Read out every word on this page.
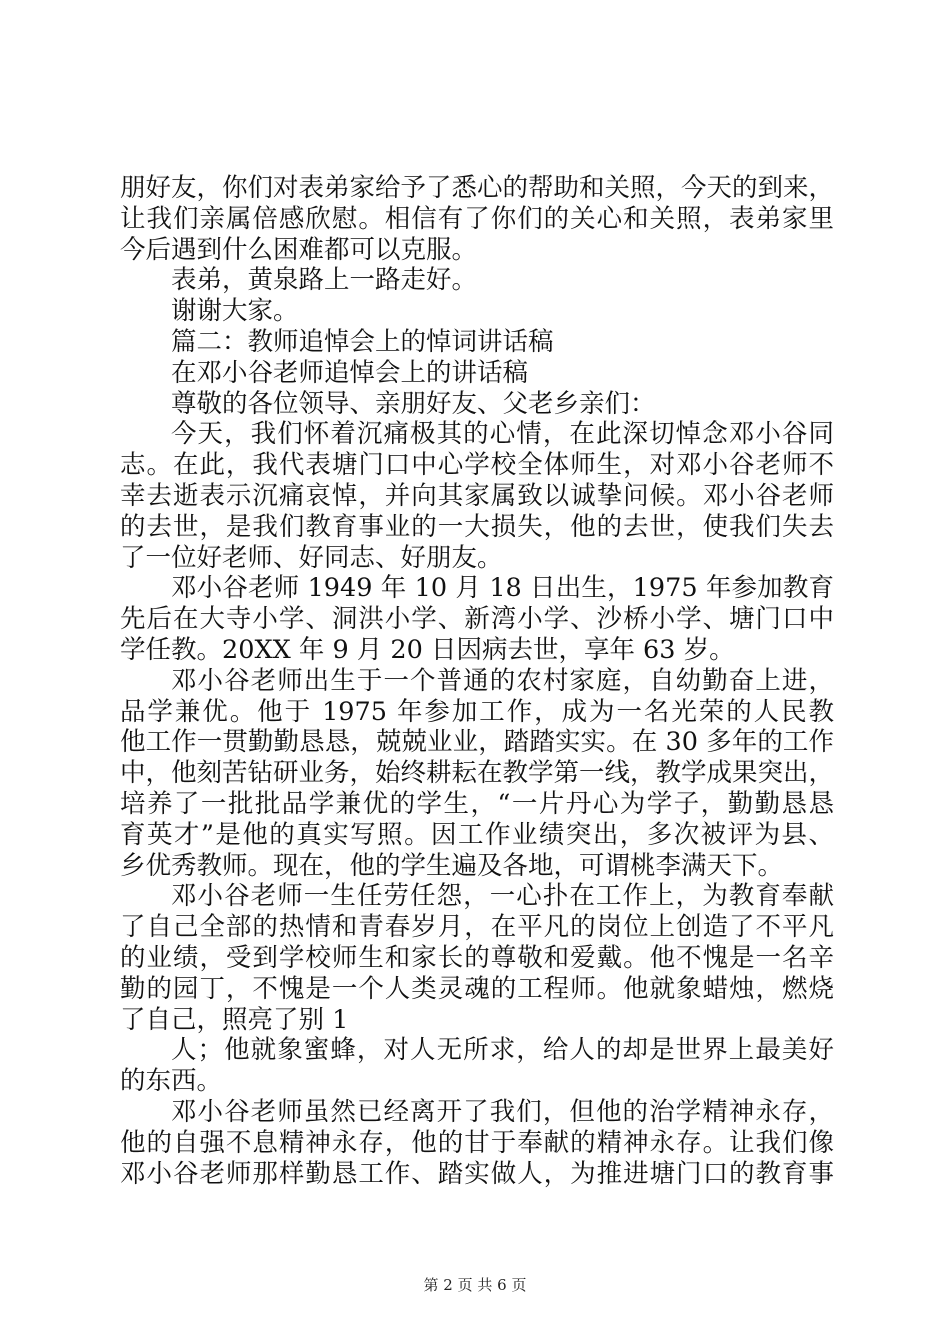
朋好友，你们对表弟家给予了悉心的帮助和关照，今天的到来，
让我们亲属倍感欣慰。相信有了你们的关心和关照，表弟家里
今后遇到什么困难都可以克服。
表弟，黄泉路上一路走好。
谢谢大家。
篇二：教师追悼会上的悼词讲话稿
在邓小谷老师追悼会上的讲话稿
尊敬的各位领导、亲朋好友、父老乡亲们：
今天，我们怀着沉痛极其的心情，在此深切悼念邓小谷同
志。在此，我代表塘门口中心学校全体师生，对邓小谷老师不
幸去逝表示沉痛哀悼，并向其家属致以诚挚问候。邓小谷老师
的去世，是我们教育事业的一大损失，他的去世，使我们失去
了一位好老师、好同志、好朋友。
邓小谷老师 1949 年 10 月 18 日出生，1975 年参加教育
先后在大寺小学、洞洪小学、新湾小学、沙桥小学、塘门口中
学任教。20XX 年 9 月 20 日因病去世，享年 63 岁。
邓小谷老师出生于一个普通的农村家庭，自幼勤奋上进，
品学兼优。他于 1975 年参加工作，成为一名光荣的人民教
他工作一贯勤勤恳恳，兢兢业业，踏踏实实。在 30 多年的工作
中，他刻苦钻研业务，始终耕耘在教学第一线，教学成果突出，
培养了一批批品学兼优的学生，“一片丹心为学子，勤勤恳恳
育英才”是他的真实写照。因工作业绩突出，多次被评为县、
乡优秀教师。现在，他的学生遍及各地，可谓桃李满天下。
邓小谷老师一生任劳任怨，一心扑在工作上，为教育奉献
了自己全部的热情和青春岁月，在平凡的岗位上创造了不平凡
的业绩，受到学校师生和家长的尊敬和爱戴。他不愧是一名辛
勤的园丁，不愧是一个人类灵魂的工程师。他就象蜡烛，燃烧
了自己，照亮了别 1
人；他就象蜜蜂，对人无所求，给人的却是世界上最美好
的东西。
邓小谷老师虽然已经离开了我们，但他的治学精神永存，
他的自强不息精神永存，他的甘于奉献的精神永存。让我们像
邓小谷老师那样勤恳工作、踏实做人，为推进塘门口的教育事
第 2 页 共 6 页
